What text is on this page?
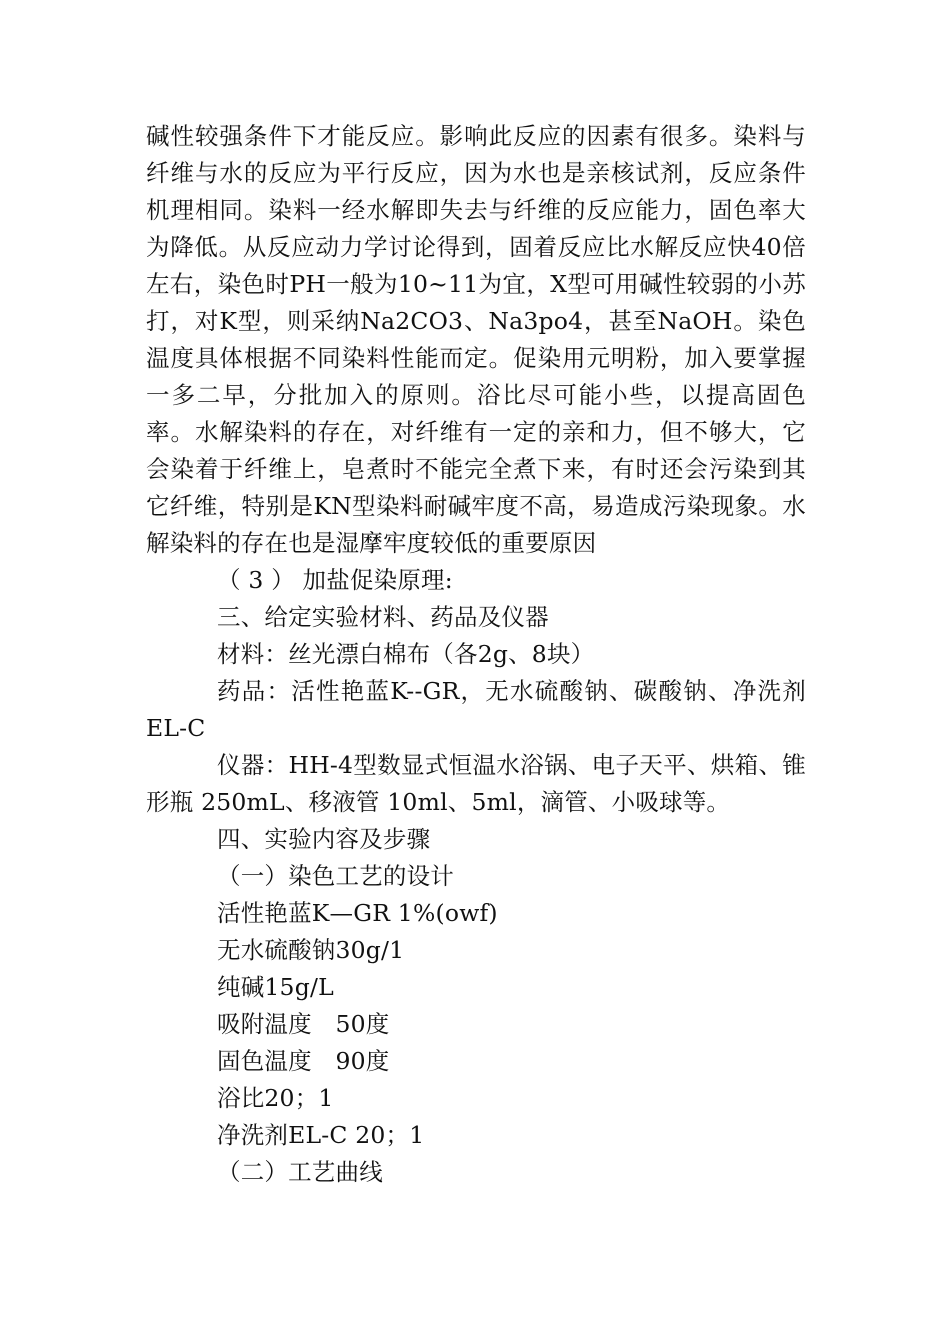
碱性较强条件下才能反应。影响此反应的因素有很多。染料与纤维与水的反应为平行反应，因为水也是亲核试剂，反应条件机理相同。染料一经水解即失去与纤维的反应能力，固色率大为降低。从反应动力学讨论得到，固着反应比水解反应快40倍左右，染色时PH一般为10~11为宜，X型可用碱性较弱的小苏打，对K型，则采纳Na2CO3、Na3po4，甚至NaOH。染色温度具体根据不同染料性能而定。促染用元明粉，加入要掌握一多二早，分批加入的原则。浴比尽可能小些，以提高固色率。水解染料的存在，对纤维有一定的亲和力，但不够大，它会染着于纤维上，皂煮时不能完全煮下来，有时还会污染到其它纤维，特别是KN型染料耐碱牢度不高，易造成污染现象。水解染料的存在也是湿摩牢度较低的重要原因

（ 3 ） 加盐促染原理:

三、给定实验材料、药品及仪器

材料：丝光漂白棉布（各2g、8块）

药品：活性艳蓝K--GR，无水硫酸钠、碳酸钠、净洗剂EL-C

仪器：HH-4型数显式恒温水浴锅、电子天平、烘箱、锥形瓶 250mL、移液管 10ml、5ml，滴管、小吸球等。

四、实验内容及步骤

（一）染色工艺的设计

活性艳蓝K—GR 1%(owf)

无水硫酸钠30g/1

纯碱15g/L

吸附温度　50度

固色温度　90度

浴比20；1

净洗剂EL-C 20；1

（二）工艺曲线
